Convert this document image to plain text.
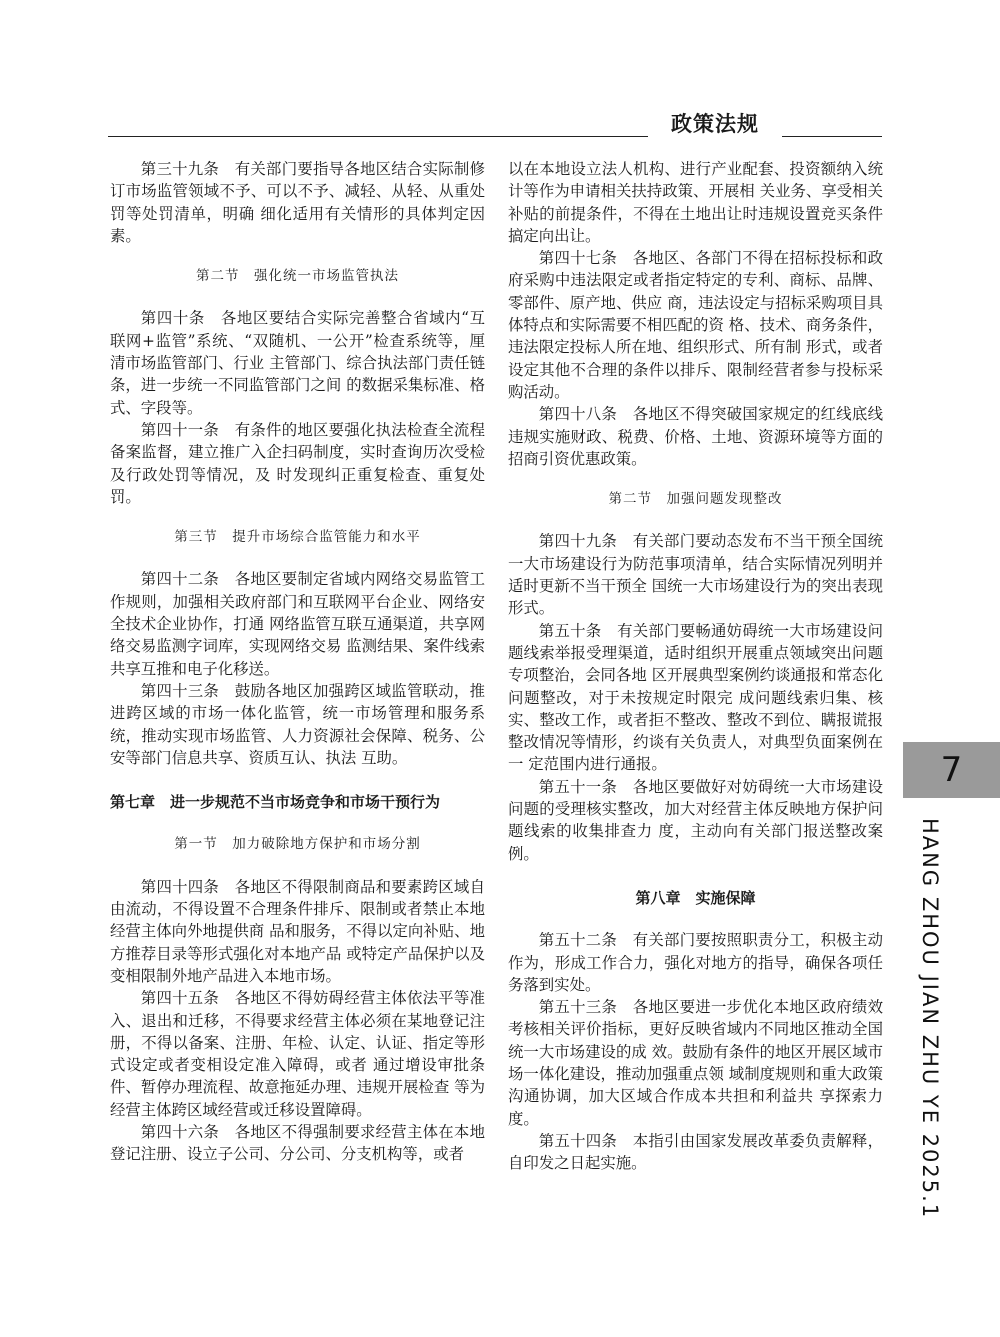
政策法规

第三十九条　有关部门要指导各地区结合实际制修订市场监管领域不予、可以不予、减轻、从轻、从重处罚等处罚清单，明确 细化适用有关情形的具体判定因素。

第二节　强化统一市场监管执法

第四十条　各地区要结合实际完善整合省域内“互联网+监管”系统、“双随机、一公开”检查系统等，厘清市场监管部门、行业 主管部门、综合执法部门责任链条，进一步统一不同监管部门之间 的数据采集标准、格式、字段等。

第四十一条　有条件的地区要强化执法检查全流程备案监督，建立推广入企扫码制度，实时查询历次受检及行政处罚等情况，及 时发现纠正重复检查、重复处罚。

第三节　提升市场综合监管能力和水平

第四十二条　各地区要制定省域内网络交易监管工作规则，加强相关政府部门和互联网平台企业、网络安全技术企业协作，打通 网络监管互联互通渠道，共享网络交易监测字词库，实现网络交易 监测结果、案件线索共享互推和电子化移送。

第四十三条　鼓励各地区加强跨区域监管联动，推进跨区域的市场一体化监管，统一市场管理和服务系统，推动实现市场监管、人力资源社会保障、税务、公安等部门信息共享、资质互认、执法 互助。

第七章　进一步规范不当市场竞争和市场干预行为
第一节　加力破除地方保护和市场分割

第四十四条　各地区不得限制商品和要素跨区域自由流动，不得设置不合理条件排斥、限制或者禁止本地经营主体向外地提供商 品和服务，不得以定向补贴、地方推荐目录等形式强化对本地产品 或特定产品保护以及变相限制外地产品进入本地市场。

第四十五条　各地区不得妨碍经营主体依法平等准入、退出和迁移，不得要求经营主体必须在某地登记注册，不得以备案、注册、年检、认定、认证、指定等形式设定或者变相设定准入障碍，或者 通过增设审批条件、暂停办理流程、故意拖延办理、违规开展检查 等为经营主体跨区域经营或迁移设置障碍。

第四十六条　各地区不得强制要求经营主体在本地登记注册、设立子公司、分公司、分支机构等，或者

以在本地设立法人机构、进行产业配套、投资额纳入统计等作为申请相关扶持政策、开展相 关业务、享受相关补贴的前提条件，不得在土地出让时违规设置竞买条件搞定向出让。

第四十七条　各地区、各部门不得在招标投标和政府采购中违法限定或者指定特定的专利、商标、品牌、零部件、原产地、供应 商，违法设定与招标采购项目具体特点和实际需要不相匹配的资 格、技术、商务条件，违法限定投标人所在地、组织形式、所有制 形式，或者设定其他不合理的条件以排斥、限制经营者参与投标采 购活动。

第四十八条　各地区不得突破国家规定的红线底线违规实施财政、税费、价格、土地、资源环境等方面的招商引资优惠政策。

第二节　加强问题发现整改

第四十九条　有关部门要动态发布不当干预全国统一大市场建设行为防范事项清单，结合实际情况列明并适时更新不当干预全 国统一大市场建设行为的突出表现形式。

第五十条　有关部门要畅通妨碍统一大市场建设问题线索举报受理渠道，适时组织开展重点领域突出问题专项整治，会同各地 区开展典型案例约谈通报和常态化问题整改，对于未按规定时限完 成问题线索归集、核实、整改工作，或者拒不整改、整改不到位、瞒报谎报整改情况等情形，约谈有关负责人，对典型负面案例在一 定范围内进行通报。

第五十一条　各地区要做好对妨碍统一大市场建设问题的受理核实整改，加大对经营主体反映地方保护问题线索的收集排查力 度，主动向有关部门报送整改案例。

第八章　实施保障

第五十二条　有关部门要按照职责分工，积极主动作为，形成工作合力，强化对地方的指导，确保各项任务落到实处。

第五十三条　各地区要进一步优化本地区政府绩效考核相关评价指标，更好反映省域内不同地区推动全国统一大市场建设的成 效。鼓励有条件的地区开展区域市场一体化建设，推动加强重点领 域制度规则和重大政策沟通协调，加大区域合作成本共担和利益共 享探索力度。

第五十四条　本指引由国家发展改革委负责解释，自印发之日起实施。

7
HANG ZHOU JIAN ZHU YE 2025.1
